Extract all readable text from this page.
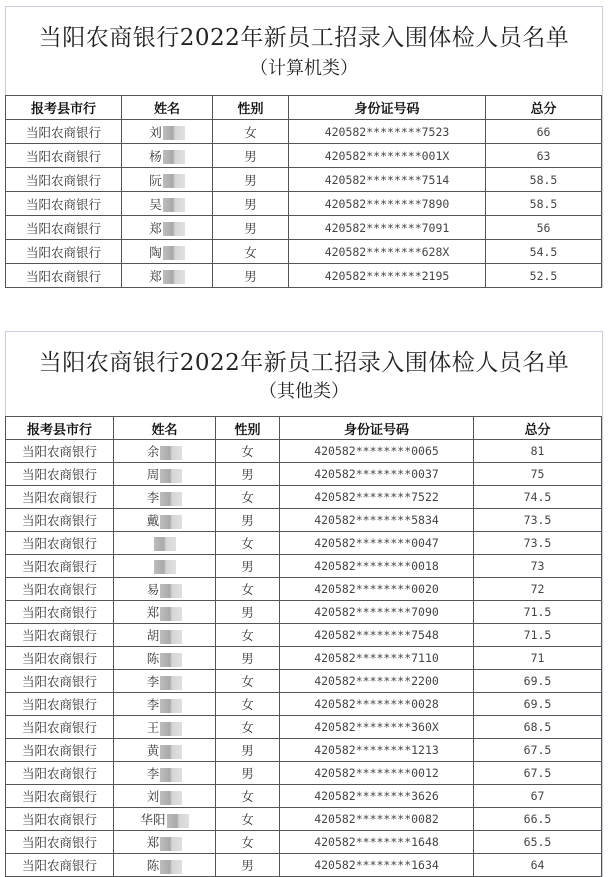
当阳农商银行2022年新员工招录入围体检人员名单
（计算机类）
报考县市行	姓名	性别	身份证号码	总分
当阳农商银行	刘	女	420582********7523	66
当阳农商银行	杨	男	420582********001X	63
当阳农商银行	阮	男	420582********7514	58.5
当阳农商银行	吴	男	420582********7890	58.5
当阳农商银行	郑	男	420582********7091	56
当阳农商银行	陶	女	420582********628X	54.5
当阳农商银行	郑	男	420582********2195	52.5
当阳农商银行2022年新员工招录入围体检人员名单
（其他类）
报考县市行	姓名	性别	身份证号码	总分
当阳农商银行	余	女	420582********0065	81
当阳农商银行	周	男	420582********0037	75
当阳农商银行	李	女	420582********7522	74.5
当阳农商银行	戴	男	420582********5834	73.5
当阳农商银行		女	420582********0047	73.5
当阳农商银行		男	420582********0018	73
当阳农商银行	易	女	420582********0020	72
当阳农商银行	郑	男	420582********7090	71.5
当阳农商银行	胡	女	420582********7548	71.5
当阳农商银行	陈	男	420582********7110	71
当阳农商银行	李	女	420582********2200	69.5
当阳农商银行	李	女	420582********0028	69.5
当阳农商银行	王	女	420582********360X	68.5
当阳农商银行	黄	男	420582********1213	67.5
当阳农商银行	李	男	420582********0012	67.5
当阳农商银行	刘	女	420582********3626	67
当阳农商银行	华阳	女	420582********0082	66.5
当阳农商银行	郑	女	420582********1648	65.5
当阳农商银行	陈	男	420582********1634	64
